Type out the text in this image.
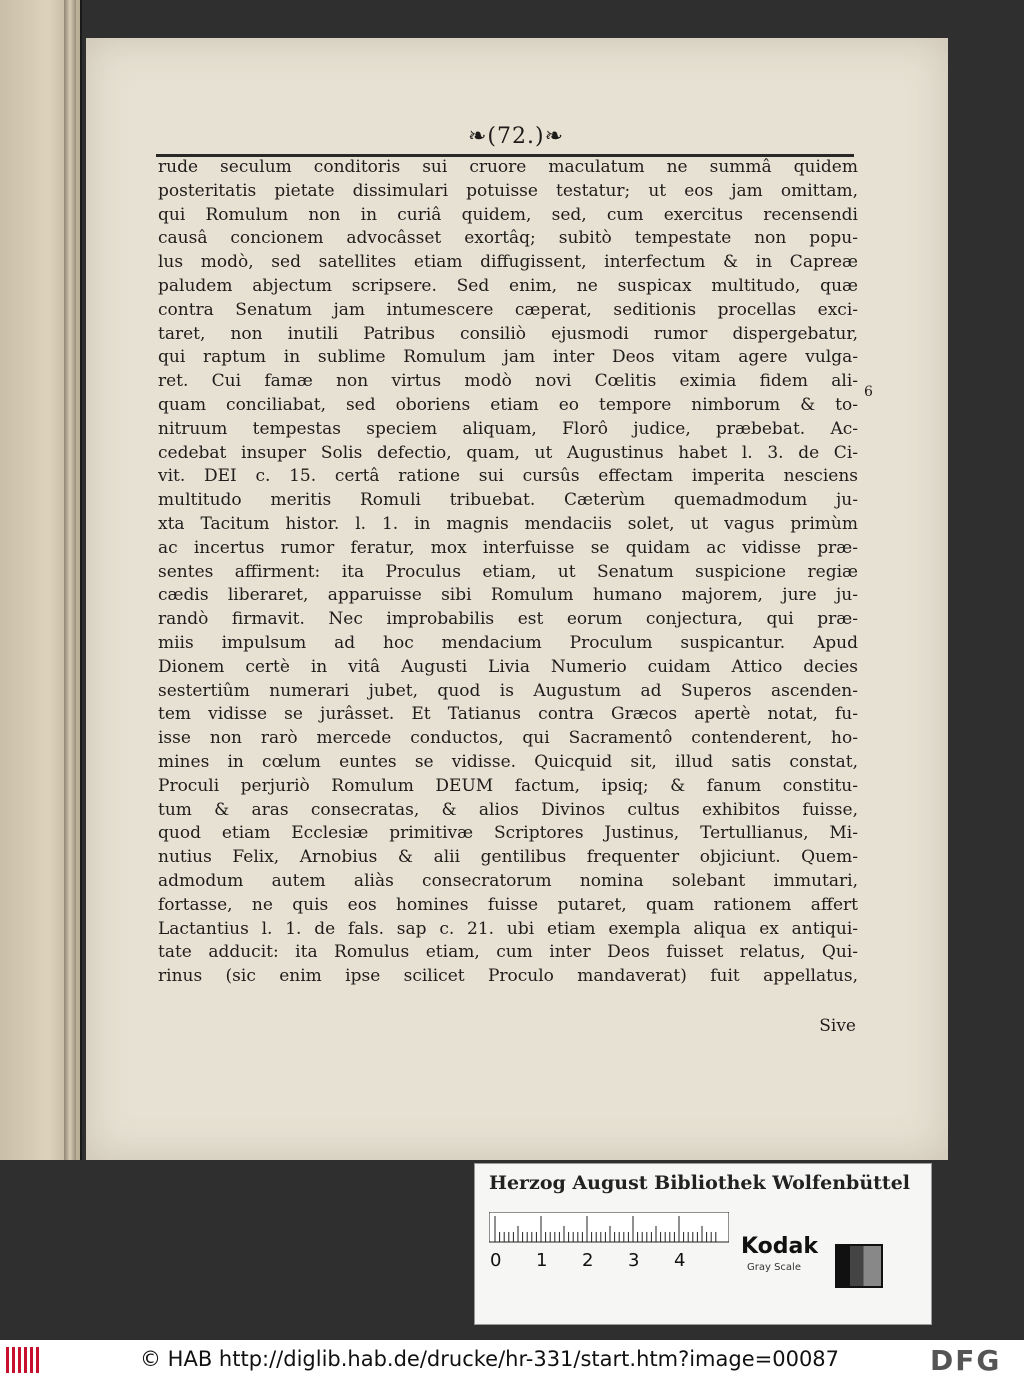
❧(72.)❧
rude seculum conditoris sui cruore maculatum ne summâ quidem
posteritatis pietate dissimulari potuisse testatur; ut eos jam omittam,
qui Romulum non in curiâ quidem, sed, cum exercitus recensendi
causâ concionem advocâsset exortâq; subitò tempestate non popu-
lus modò, sed satellites etiam diffugissent, interfectum & in Capreæ
paludem abjectum scripsere. Sed enim, ne suspicax multitudo, quæ
contra Senatum jam intumescere cæperat, seditionis procellas exci-
taret, non inutili Patribus consiliò ejusmodi rumor dispergebatur,
qui raptum in sublime Romulum jam inter Deos vitam agere vulga-
ret. Cui famæ non virtus modò novi Cœlitis eximia fidem ali-
quam conciliabat, sed oboriens etiam eo tempore nimborum & to-
nitruum tempestas speciem aliquam, Florô judice, præbebat. Ac-
cedebat insuper Solis defectio, quam, ut Augustinus habet l. 3. de Ci-
vit. DEI c. 15. certâ ratione sui cursûs effectam imperita nesciens
multitudo meritis Romuli tribuebat. Cæterùm quemadmodum ju-
xta Tacitum histor. l. 1. in magnis mendaciis solet, ut vagus primùm
ac incertus rumor feratur, mox interfuisse se quidam ac vidisse præ-
sentes affirment: ita Proculus etiam, ut Senatum suspicione regiæ
cædis liberaret, apparuisse sibi Romulum humano majorem, jure ju-
randò firmavit. Nec improbabilis est eorum conjectura, qui præ-
miis impulsum ad hoc mendacium Proculum suspicantur. Apud
Dionem certè in vitâ Augusti Livia Numerio cuidam Attico decies
sestertiûm numerari jubet, quod is Augustum ad Superos ascenden-
tem vidisse se jurâsset. Et Tatianus contra Græcos apertè notat, fu-
isse non rarò mercede conductos, qui Sacramentô contenderent, ho-
mines in cœlum euntes se vidisse. Quicquid sit, illud satis constat,
Proculi perjuriò Romulum DEUM factum, ipsiq; & fanum constitu-
tum & aras consecratas, & alios Divinos cultus exhibitos fuisse,
quod etiam Ecclesiæ primitivæ Scriptores Justinus, Tertullianus, Mi-
nutius Felix, Arnobius & alii gentilibus frequenter objiciunt. Quem-
admodum autem aliàs consecratorum nomina solebant immutari,
fortasse, ne quis eos homines fuisse putaret, quam rationem affert
Lactantius l. 1. de fals. sap c. 21. ubi etiam exempla aliqua ex antiqui-
tate adducit: ita Romulus etiam, cum inter Deos fuisset relatus, Qui-
rinus (sic enim ipse scilicet Proculo mandaverat) fuit appellatus,
6
Sive
Herzog August Bibliothek Wolfenbüttel
0 1 2 3 4
Kodak
Gray Scale
© HAB http://diglib.hab.de/drucke/hr-331/start.htm?image=00087	DFG
